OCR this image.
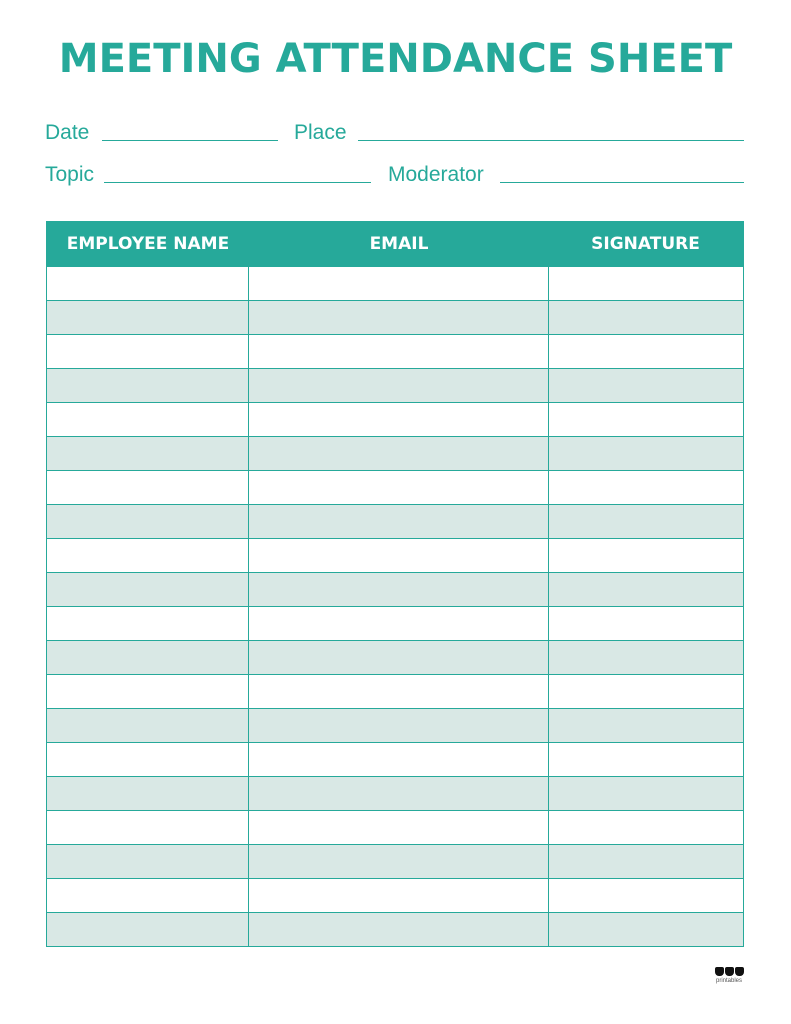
MEETING ATTENDANCE SHEET
Date	Place
Topic	Moderator
EMPLOYEE NAME	EMAIL	SIGNATURE
printables
